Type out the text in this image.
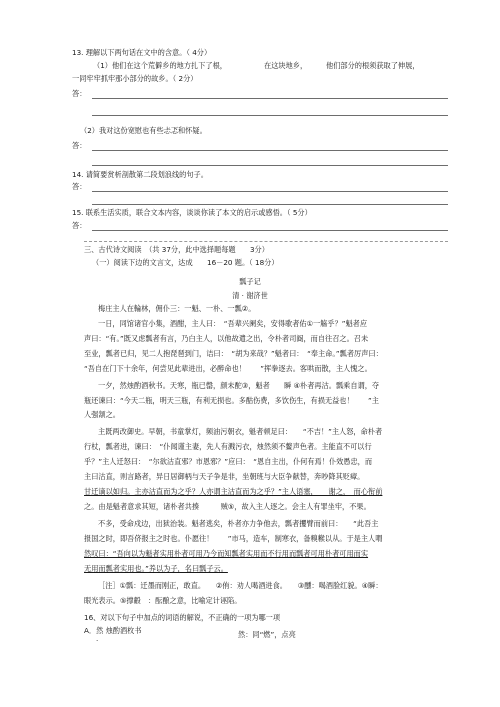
13. 理解以下两句话在文中的含意。（ 4分）
（1）他们在这个荒僻乡的地方扎下了根，	在这块地乡，	他们部分的根须获取了伸展，
一同牢牢抓牢那小部分的故乡。（ 2分）
答：
（2）我对这份宽慰也有些忐忑和怀疑。
答：
14. 请简要赏析剖散第二段划浪线的句子。
答：
15. 联系生活实质，联合文本内容，谈谈你读了本文的启示或感悟。（ 5分）
答：
三、古代诗文阅读　（共 37分，此中选择题每题　　3分）
（一）阅读下边的文言文，达成　　16－20 题。（ 18分）
瓢子记
清 · 谢济世
梅庄主人在輪林，佣仆三：一魁、一朴、一瓢②。
一日，同馆诸官小集，酒酣，主人曰：　“吾辈兴阑矣，安得歌者佑①一觞乎？”魁者应
声曰：“有。”既又虑瓢者有言，乃白主人，以他故遣之出，令朴者司阍，而自往召之。召未
至业，瓢者已归，见二人抱琵琶到门，诘曰：　“胡为来哉？”魁者曰：　“奉主命。”瓢者厉声曰：
“吾自在门下十余年，何尝见此辈进出，必醉命也！　　”挥拳逐去。客哄而散，主人愧之。
一夕，然烛酌酒秋书。天寒，瓶已罄，颜未酡③，魁者　　瞬 ④朴者再沽。瓢乘自谓，夺
瓶还谏曰：“今天二瓶，明天三瓶，有利无损也。多酤伤费，多饮伤生，有损无益也！　　”主
人强颔之。
主既两改御史。早朝，书童掌灯，频油污朝衣，魁者顿足曰：　　“不吉！”主人怒，命朴者
行杖，瓢者进，谏曰：　“仆闻谨主妻，先人有溅污衣，烛然须不鳌声色者。主能直不可以行
乎？”主人迁怒曰：　“尔欲沽直邪？市恩邪？”应曰：　“恩自主出，仆何有焉！仆效愚忠，而
主曰沽直，则言路者，异日居御柄与天子争是非，坐朝班与大臣争献替，奔吵降其贬瘴。
甘迁谪以如归。主亦沽直而为之乎？人亦谓主沽直而为之乎？”主人语塞，　　谢之，　而心衔前
之。由是魁者意求其短，诸朴者共揍　　　贼⑤，故入主人逐之。会主人有罪坐牢，不果。
不多，受命戍边，出狱治装。魁者逃矣，朴者亦力争他去，瓢者攫臂而前曰：　　“此吾主
报国之时，即吾侪报主之时也。仆愿往！　　”市马，造车，制寒衣，备糗糇以从。于是主人喟
然叹曰：“吾向以为魁者实用朴者可用乃今而知瓢者实用而不行用而瓢者可用朴者可用而实
无用而瓢者实用也。”养以为子，名曰瓢子云。
［注］①瓢：迁墨而刚正，敢直。　　②侑：劝人喝酒进食。　　③醺：喝酒脸红貌。④瞬：
眼光表示。⑤撑觳　：酝酿之意，比喻定计诬陷。
16、对以下句子中加点的词语的解说，不正确的一项为哪一项
A．然 烛酌酒枚书	然：同“燃”，点亮
·
